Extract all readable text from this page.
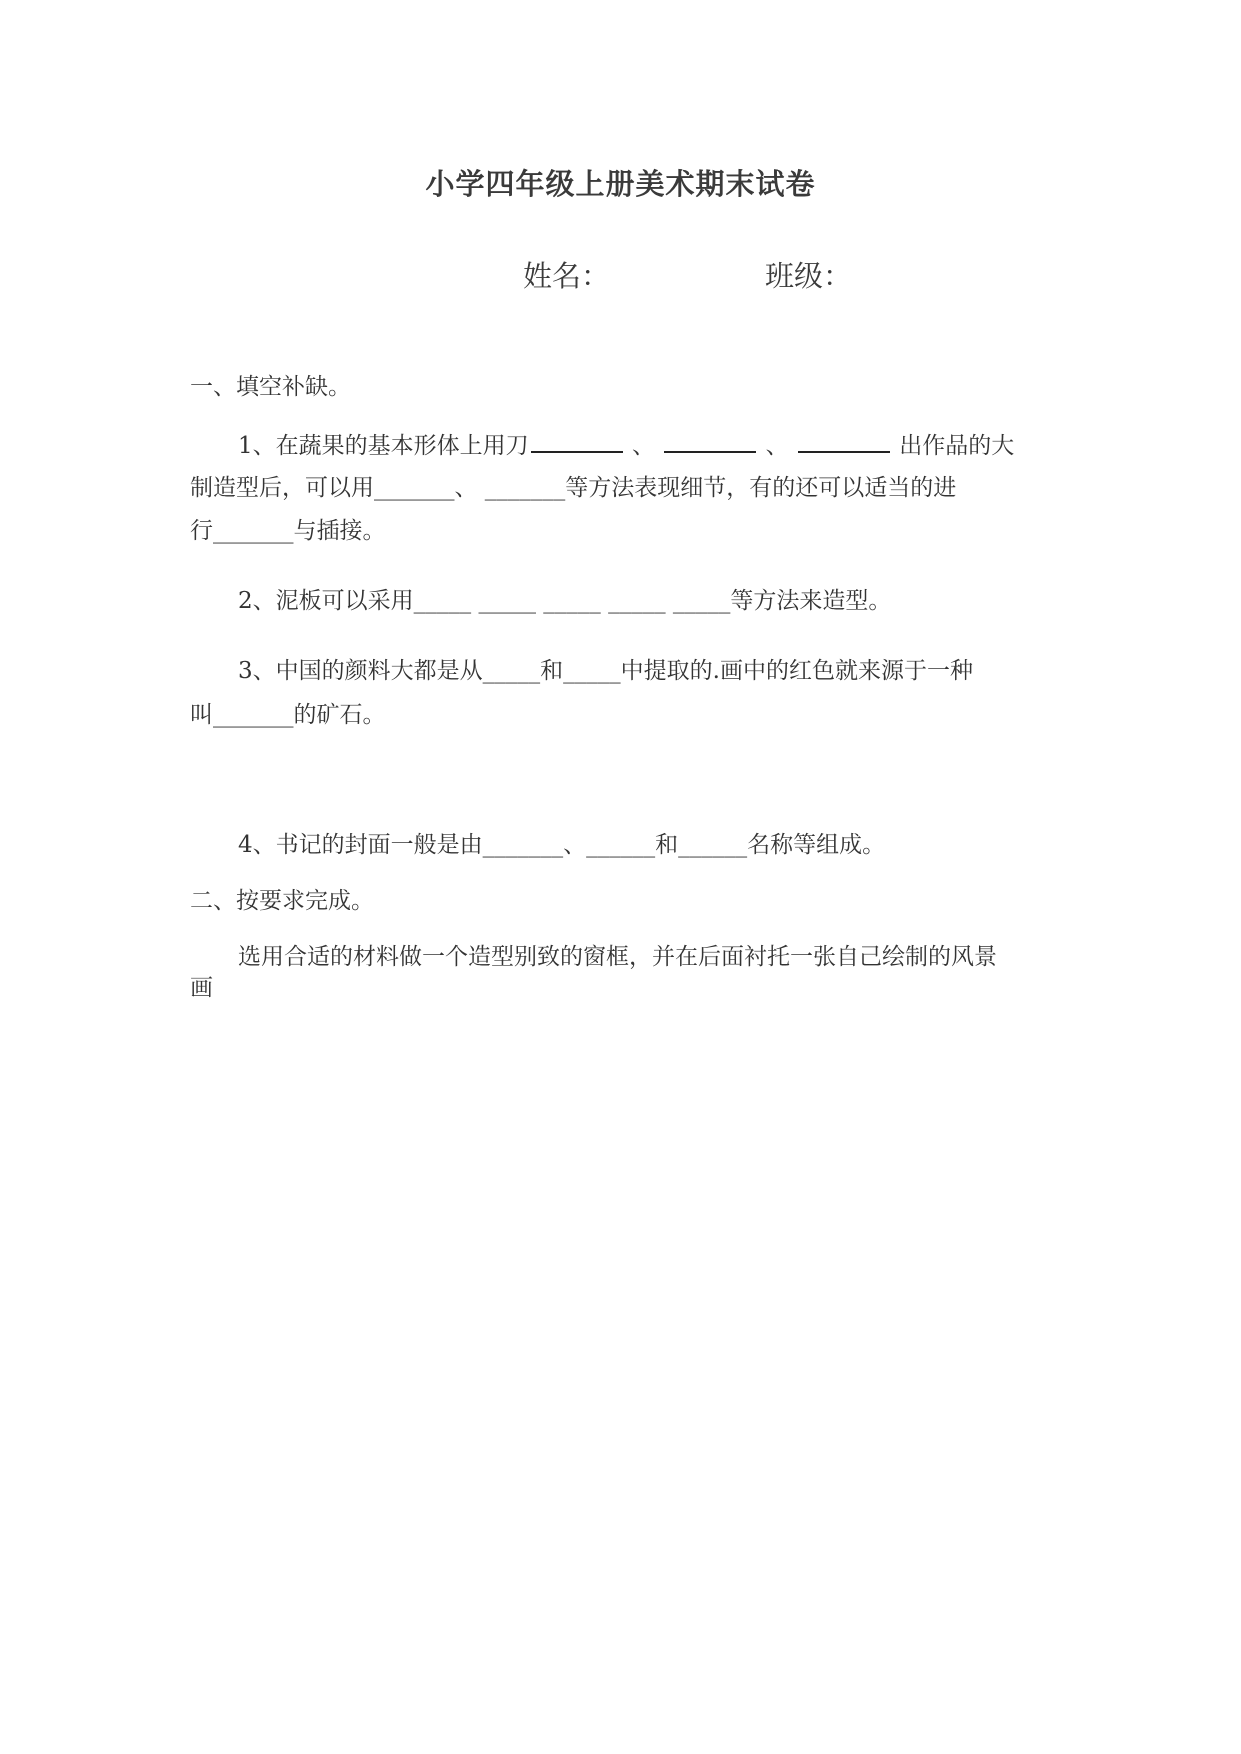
小学四年级上册美术期末试卷
姓名：	班级：
一、填空补缺。
1、在蔬果的基本形体上用刀	、	、	出作品的大
制造型后，可以用_______、 _______等方法表现细节，有的还可以适当的进
行_______与插接。
2、泥板可以采用_____ _____ _____ _____ _____等方法来造型。
3、中国的颜料大都是从_____和_____中提取的.画中的红色就来源于一种
叫_______的矿石。
4、书记的封面一般是由_______、______和______名称等组成。
二、按要求完成。
选用合适的材料做一个造型别致的窗框，并在后面衬托一张自己绘制的风景
画
